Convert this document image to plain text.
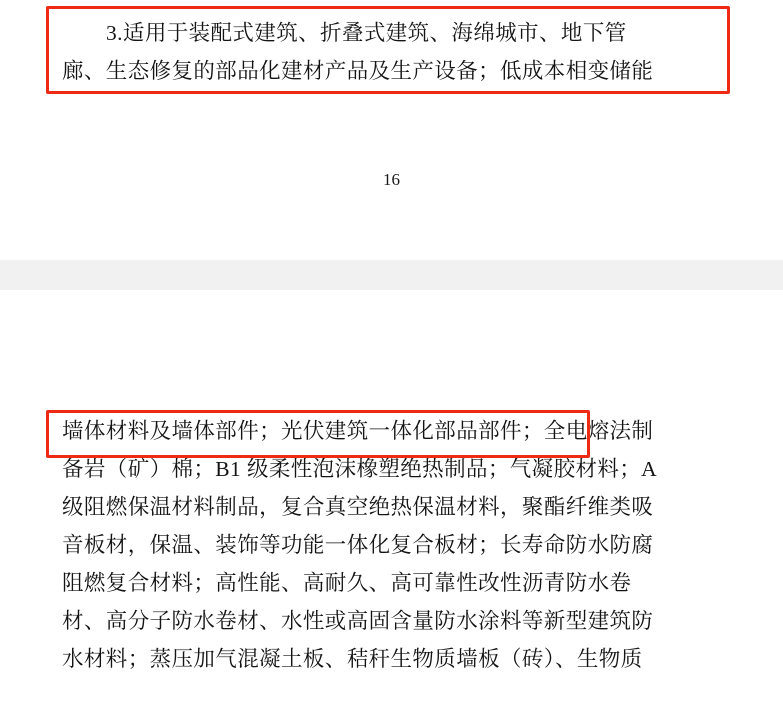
3.适用于装配式建筑、折叠式建筑、海绵城市、地下管
廊、生态修复的部品化建材产品及生产设备；低成本相变储能
16
墙体材料及墙体部件；光伏建筑一体化部品部件；全电熔法制
备岩（矿）棉；B1 级柔性泡沫橡塑绝热制品；气凝胶材料；A
级阻燃保温材料制品，复合真空绝热保温材料，聚酯纤维类吸
音板材，保温、装饰等功能一体化复合板材；长寿命防水防腐
阻燃复合材料；高性能、高耐久、高可靠性改性沥青防水卷
材、高分子防水卷材、水性或高固含量防水涂料等新型建筑防
水材料；蒸压加气混凝土板、秸秆生物质墙板（砖）、生物质
